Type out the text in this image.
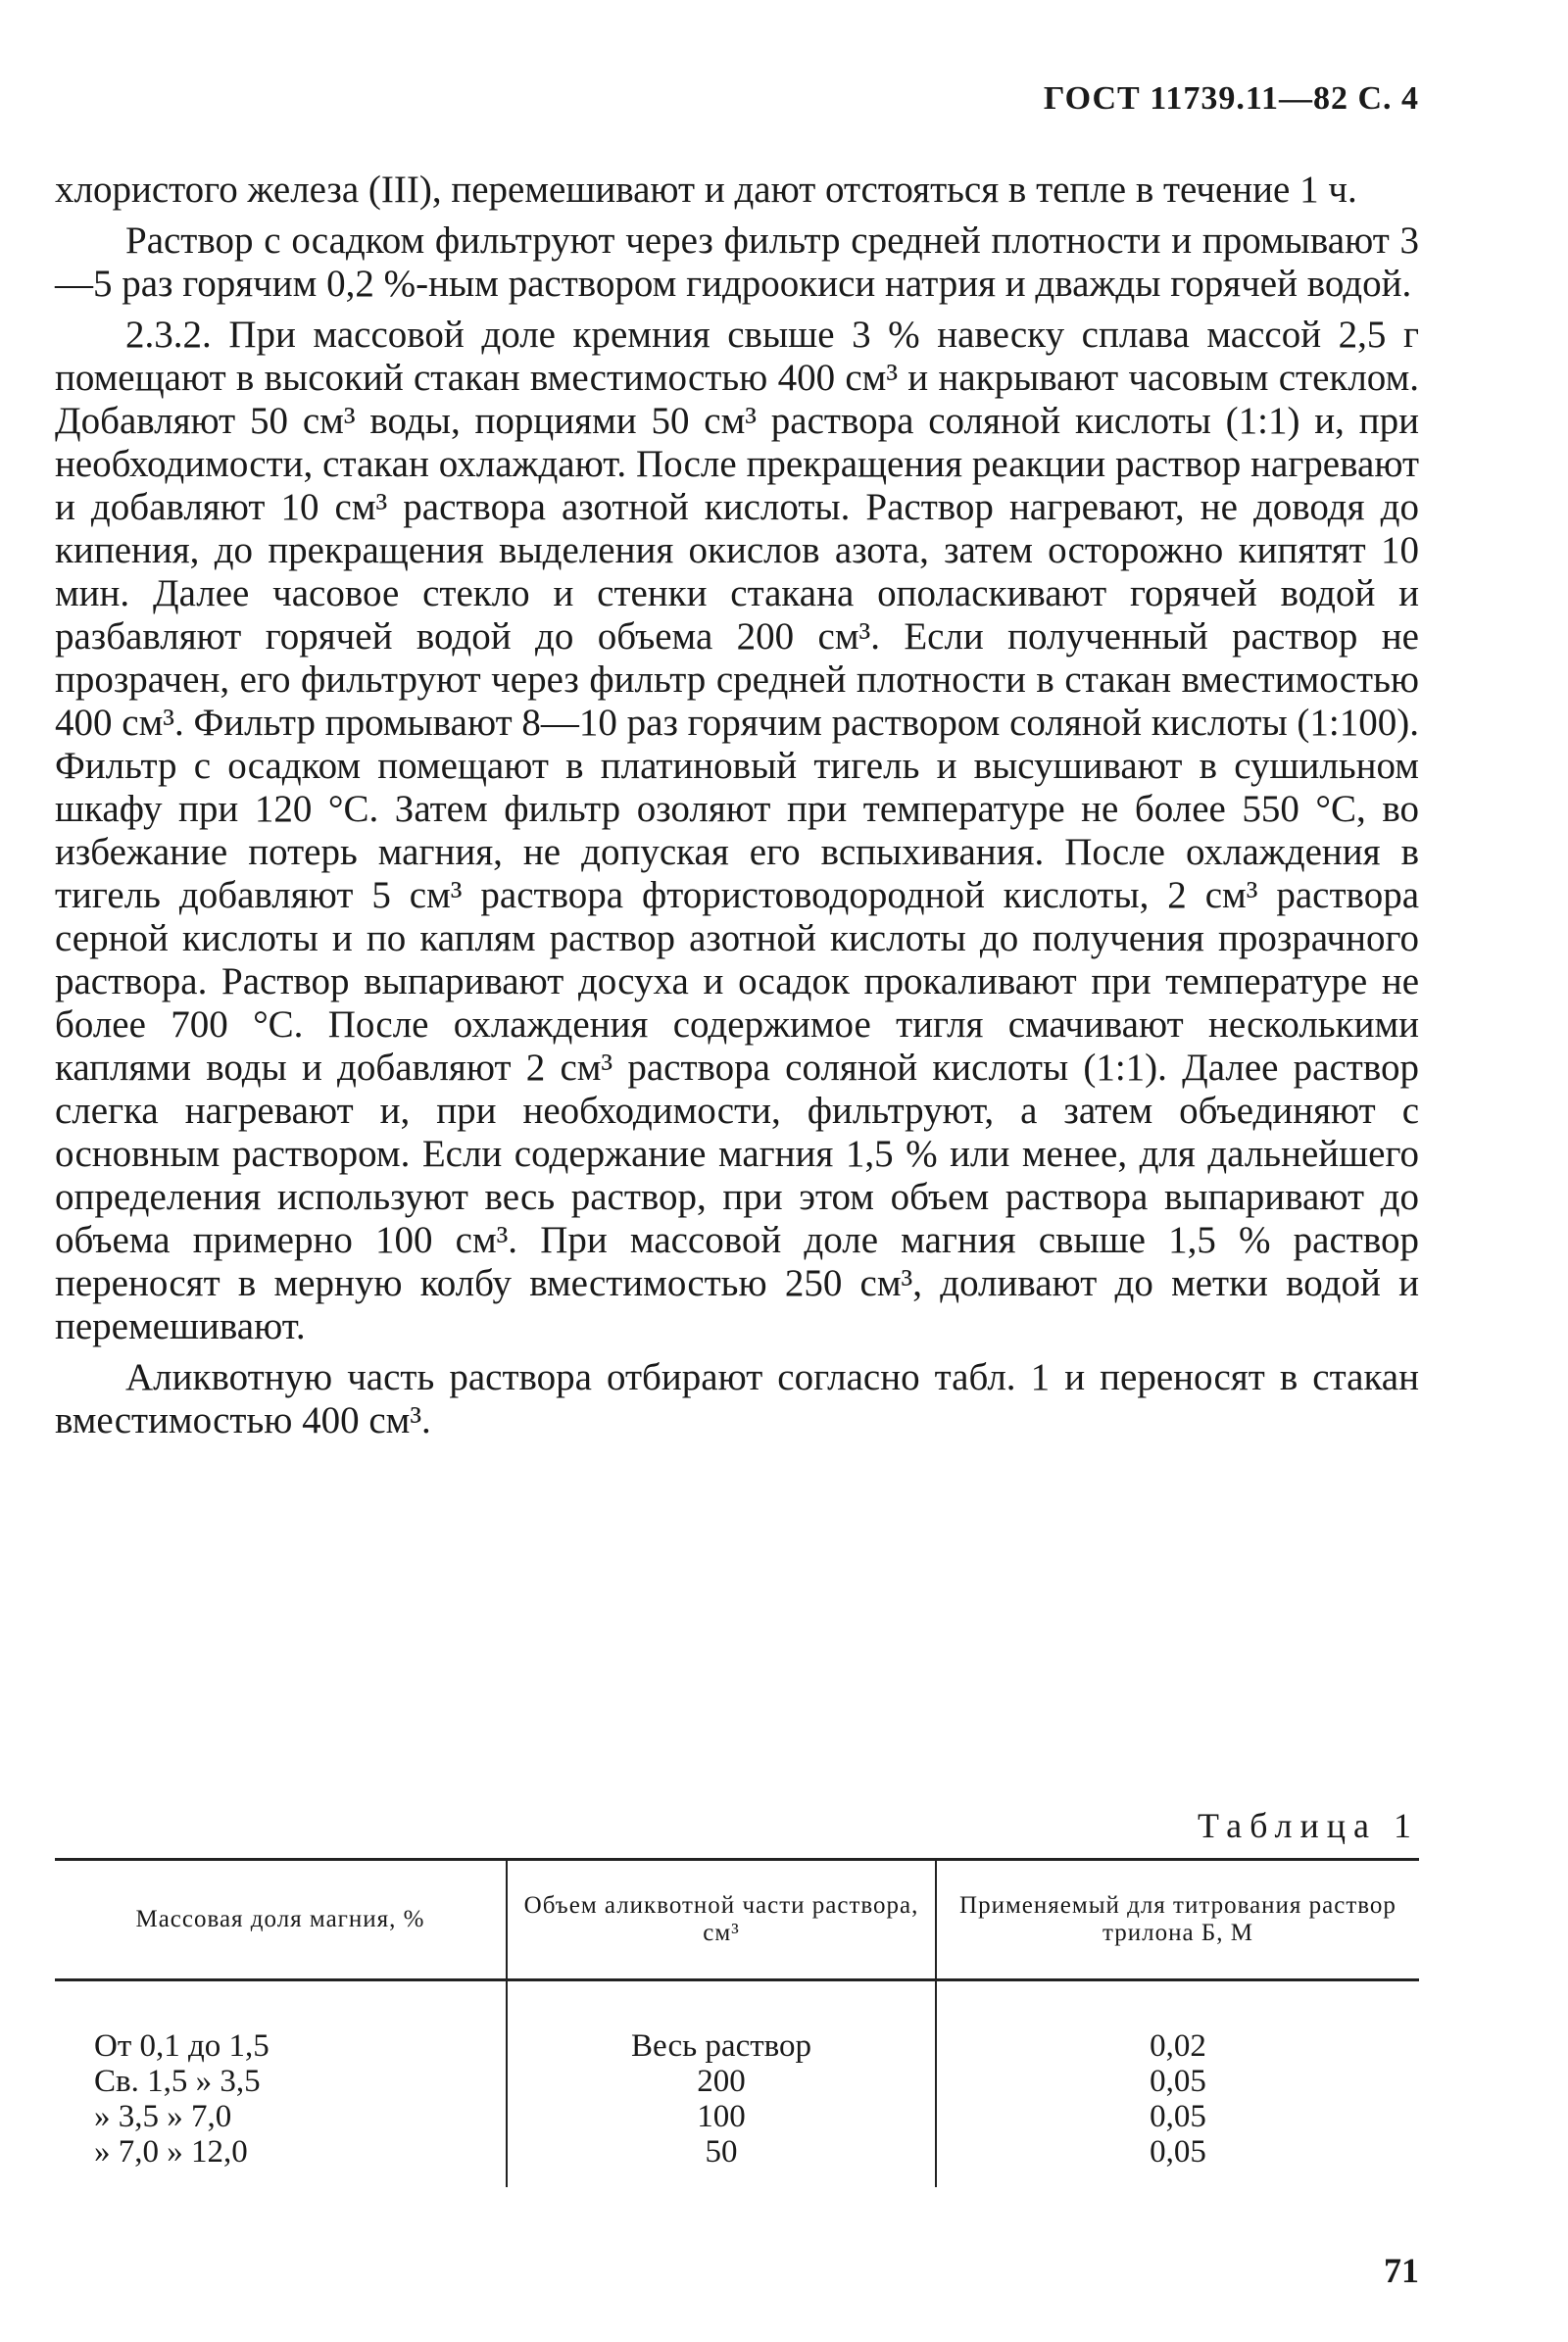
ГОСТ 11739.11—82 С. 4

хлористого железа (III), перемешивают и дают отстояться в тепле в течение 1 ч.

Раствор с осадком фильтруют через фильтр средней плотности и промывают 3—5 раз горячим 0,2 %-ным раствором гидроокиси натрия и дважды горячей водой.

2.3.2. При массовой доле кремния свыше 3 % навеску сплава массой 2,5 г помещают в высокий стакан вместимостью 400 см³ и накрывают часовым стеклом. Добавляют 50 см³ воды, порциями 50 см³ раствора соляной кислоты (1:1) и, при необходимости, стакан охлаждают. После прекращения реакции раствор нагревают и добавляют 10 см³ раствора азотной кислоты. Раствор нагревают, не доводя до кипения, до прекращения выделения окислов азота, затем осторожно кипятят 10 мин. Далее часовое стекло и стенки стакана ополаскивают горячей водой и разбавляют горячей водой до объема 200 см³. Если полученный раствор не прозрачен, его фильтруют через фильтр средней плотности в стакан вместимостью 400 см³. Фильтр промывают 8—10 раз горячим раствором соляной кислоты (1:100). Фильтр с осадком помещают в платиновый тигель и высушивают в сушильном шкафу при 120 °С. Затем фильтр озоляют при температуре не более 550 °С, во избежание потерь магния, не допуская его вспыхивания. После охлаждения в тигель добавляют 5 см³ раствора фтористоводородной кислоты, 2 см³ раствора серной кислоты и по каплям раствор азотной кислоты до получения прозрачного раствора. Раствор выпаривают досуха и осадок прокаливают при температуре не более 700 °С. После охлаждения содержимое тигля смачивают несколькими каплями воды и добавляют 2 см³ раствора соляной кислоты (1:1). Далее раствор слегка нагревают и, при необходимости, фильтруют, а затем объединяют с основным раствором. Если содержание магния 1,5 % или менее, для дальнейшего определения используют весь раствор, при этом объем раствора выпаривают до объема примерно 100 см³. При массовой доле магния свыше 1,5 % раствор переносят в мерную колбу вместимостью 250 см³, доливают до метки водой и перемешивают.

Аликвотную часть раствора отбирают согласно табл. 1 и переносят в стакан вместимостью 400 см³.

Таблица 1
Массовая доля магния, %
Объем аликвотной части раствора, см³
Применяемый для титрования раствор трилона Б, М
От 0,1 до 1,5
Св. 1,5 » 3,5
» 3,5 » 7,0
» 7,0 » 12,0
Весь раствор
200
100
50
0,02
0,05
0,05
0,05
71
